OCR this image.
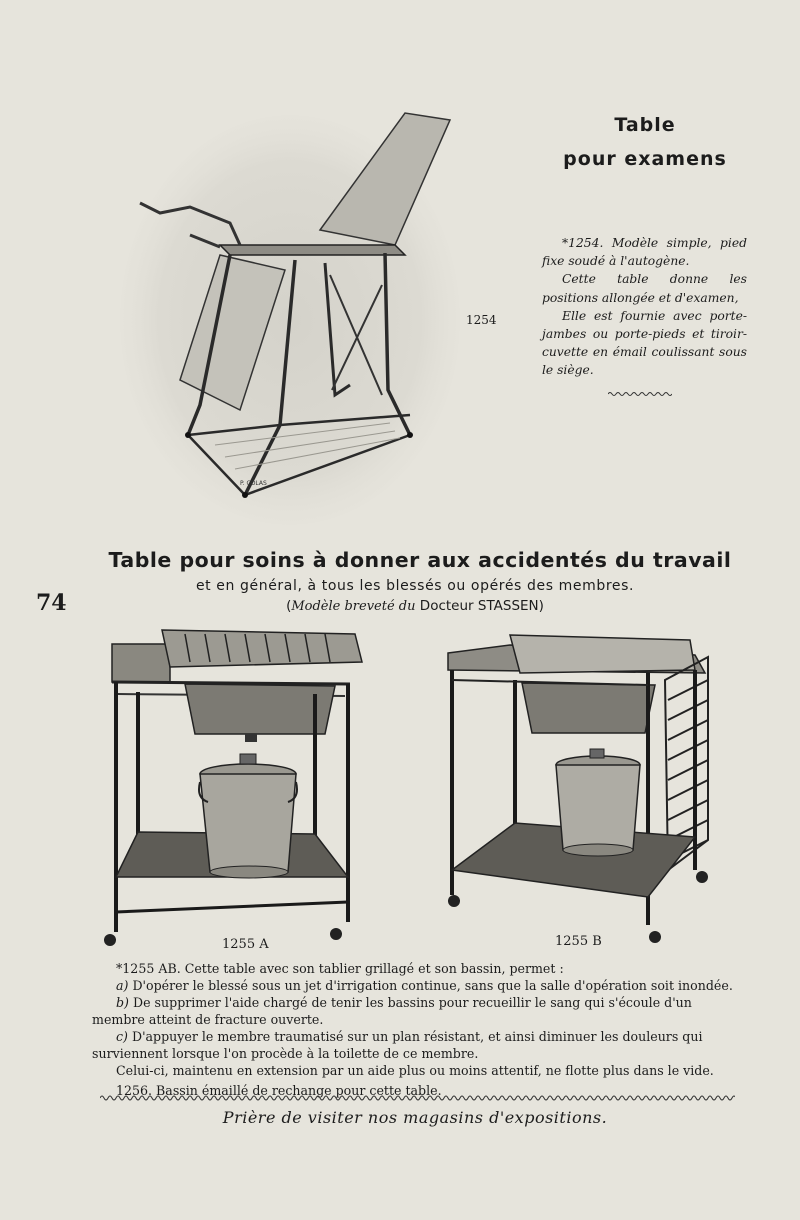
P. COLAS
Table
pour examens
1254

*1254. Modèle simple, pied fixe soudé à l'autogène.

Cette table donne les positions allongée et d'examen,

Elle est fournie avec porte-jambes ou porte-pieds et tiroir-cuvette en émail coulissant sous le siège.

Table pour soins à donner aux accidentés du travail
et en général, à tous les blessés ou opérés des membres.
(Modèle breveté du Docteur STASSEN)
74
1255 A	1255 B

*1255 AB. Cette table avec son tablier grillagé et son bassin, permet :

a) D'opérer le blessé sous un jet d'irrigation continue, sans que la salle d'opération soit inondée.

b) De supprimer l'aide chargé de tenir les bassins pour recueillir le sang qui s'écoule d'un membre atteint de fracture ouverte.

c) D'appuyer le membre traumatisé sur un plan résistant, et ainsi diminuer les douleurs qui surviennent lorsque l'on procède à la toilette de ce membre.

Celui-ci, maintenu en extension par un aide plus ou moins attentif, ne flotte plus dans le vide.

1256. Bassin émaillé de rechange pour cette table.

Prière de visiter nos magasins d'expositions.
